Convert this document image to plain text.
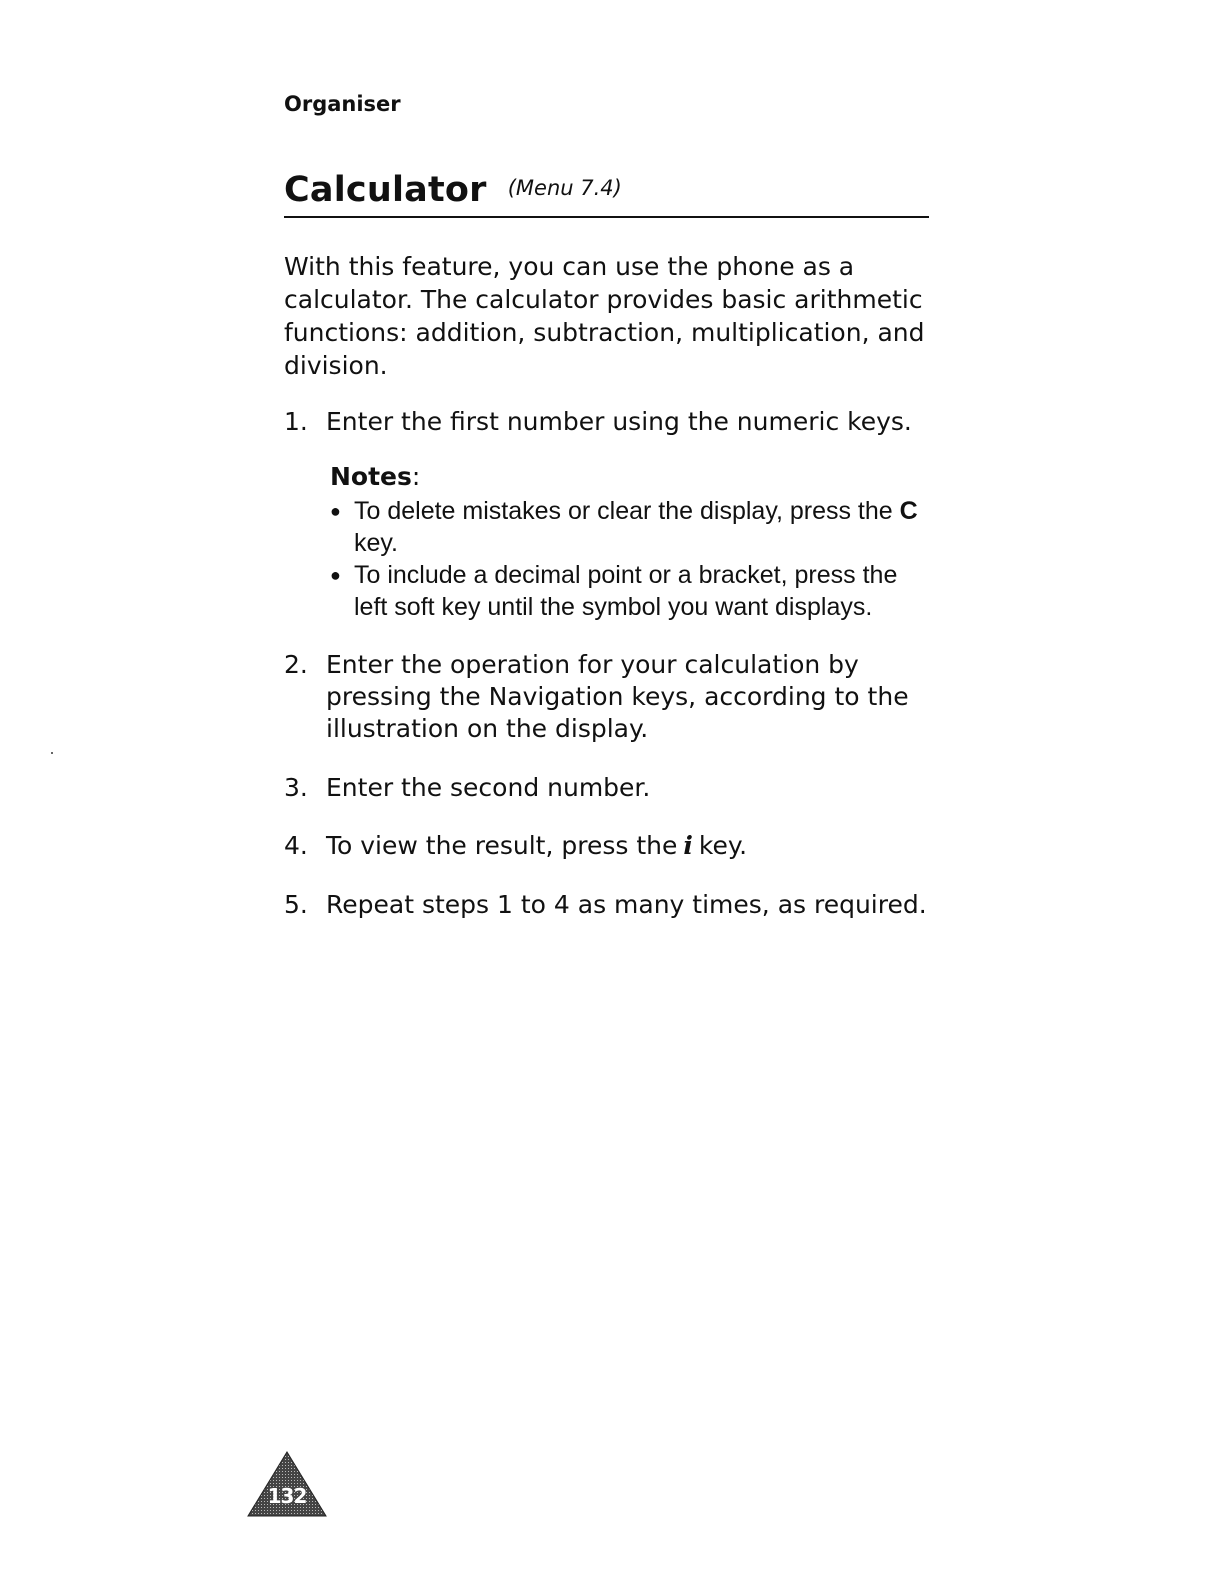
Organiser
Calculator (Menu 7.4)

With this feature, you can use the phone as a calculator. The calculator provides basic arithmetic functions: addition, subtraction, multiplication, and division.

1. Enter the first number using the numeric keys.
Notes:
● To delete mistakes or clear the display, press the C key.
● To include a decimal point or a bracket, press the left soft key until the symbol you want displays.
2. Enter the operation for your calculation by pressing the Navigation keys, according to the illustration on the display.
3. Enter the second number.
4. To view the result, press the i key.
5. Repeat steps 1 to 4 as many times, as required.
132
